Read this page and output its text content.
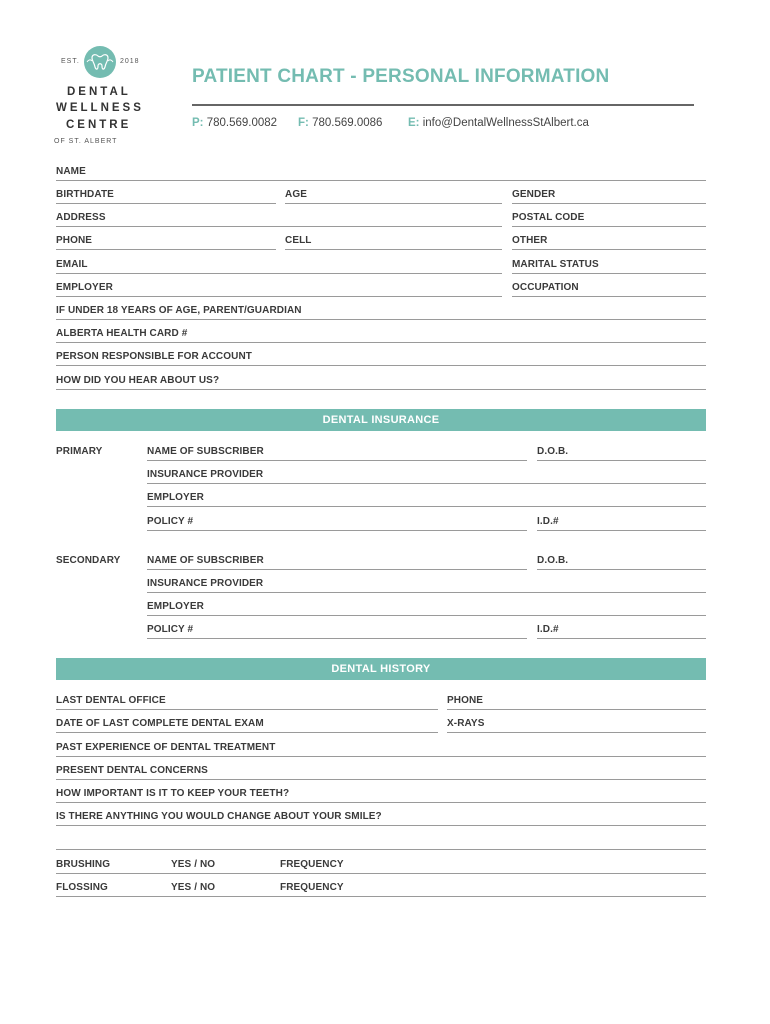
EST.	2018
DENTAL
WELLNESS
CENTRE
OF ST. ALBERT
PATIENT CHART - PERSONAL INFORMATION
P: 780.569.0082 F: 780.569.0086 E: info@DentalWellnessStAlbert.ca
NAME
BIRTHDATE	AGE	GENDER
ADDRESS	POSTAL CODE
PHONE	CELL	OTHER
EMAIL	MARITAL STATUS
EMPLOYER	OCCUPATION
IF UNDER 18 YEARS OF AGE, PARENT/GUARDIAN
ALBERTA HEALTH CARD #
PERSON RESPONSIBLE FOR ACCOUNT
HOW DID YOU HEAR ABOUT US?
DENTAL INSURANCE
PRIMARY	NAME OF SUBSCRIBER	D.O.B.
INSURANCE PROVIDER
EMPLOYER
POLICY #	I.D.#
SECONDARY	NAME OF SUBSCRIBER	D.O.B.
INSURANCE PROVIDER
EMPLOYER
POLICY #	I.D.#
DENTAL HISTORY
LAST DENTAL OFFICE	PHONE
DATE OF LAST COMPLETE DENTAL EXAM	X-RAYS
PAST EXPERIENCE OF DENTAL TREATMENT
PRESENT DENTAL CONCERNS
HOW IMPORTANT IS IT TO KEEP YOUR TEETH?
IS THERE ANYTHING YOU WOULD CHANGE ABOUT YOUR SMILE?
BRUSHING	YES / NO	FREQUENCY
FLOSSING	YES / NO	FREQUENCY
